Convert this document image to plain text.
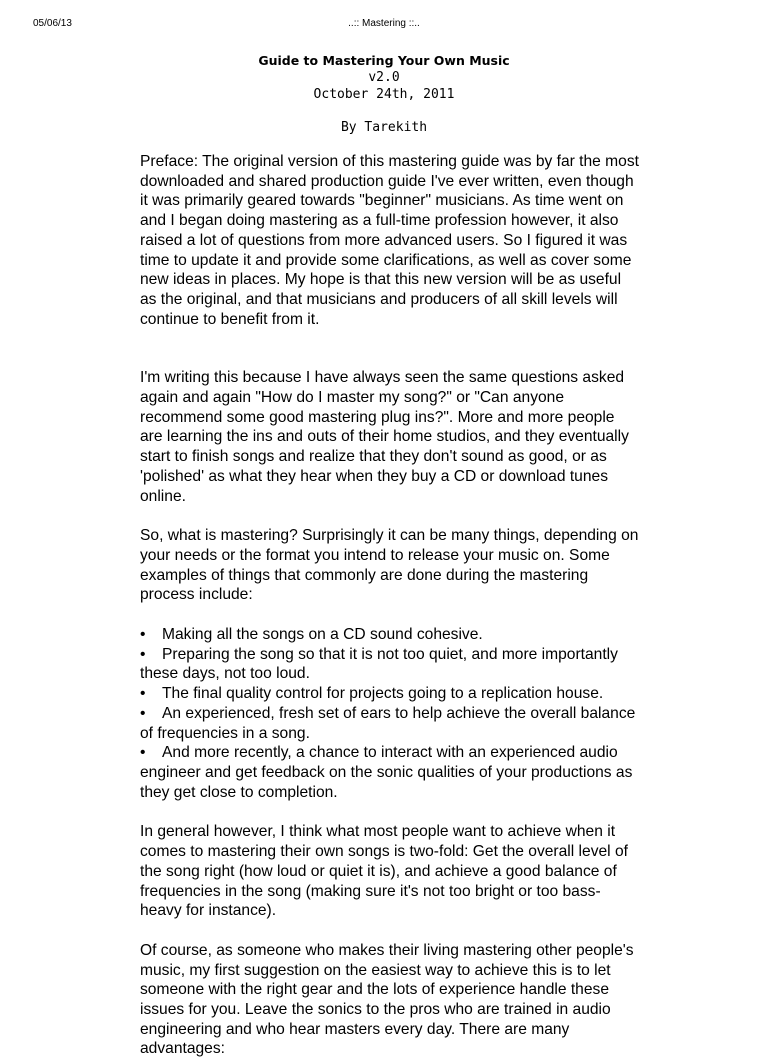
05/06/13	..:: Mastering ::..
Guide to Mastering Your Own Music
v2.0
October 24th, 2011
By Tarekith

Preface: The original version of this mastering guide was by far the most downloaded and shared production guide I've ever written, even though it was primarily geared towards "beginner" musicians. As time went on and I began doing mastering as a full-time profession however, it also raised a lot of questions from more advanced users. So I figured it was time to update it and provide some clarifications, as well as cover some new ideas in places. My hope is that this new version will be as useful as the original, and that musicians and producers of all skill levels will continue to benefit from it.

I'm writing this because I have always seen the same questions asked again and again "How do I master my song?" or "Can anyone recommend some good mastering plug ins?". More and more people are learning the ins and outs of their home studios, and they eventually start to finish songs and realize that they don't sound as good, or as 'polished' as what they hear when they buy a CD or download tunes online.

So, what is mastering? Surprisingly it can be many things, depending on your needs or the format you intend to release your music on. Some examples of things that commonly are done during the mastering process include:

• Making all the songs on a CD sound cohesive.
• Preparing the song so that it is not too quiet, and more importantly these days, not too loud.
• The final quality control for projects going to a replication house.
• An experienced, fresh set of ears to help achieve the overall balance of frequencies in a song.
• And more recently, a chance to interact with an experienced audio engineer and get feedback on the sonic qualities of your productions as they get close to completion.

In general however, I think what most people want to achieve when it comes to mastering their own songs is two-fold: Get the overall level of the song right (how loud or quiet it is), and achieve a good balance of frequencies in the song (making sure it's not too bright or too bass-heavy for instance).

Of course, as someone who makes their living mastering other people's music, my first suggestion on the easiest way to achieve this is to let someone with the right gear and the lots of experience handle these issues for you. Leave the sonics to the pros who are trained in audio engineering and who hear masters every day. There are many advantages:
